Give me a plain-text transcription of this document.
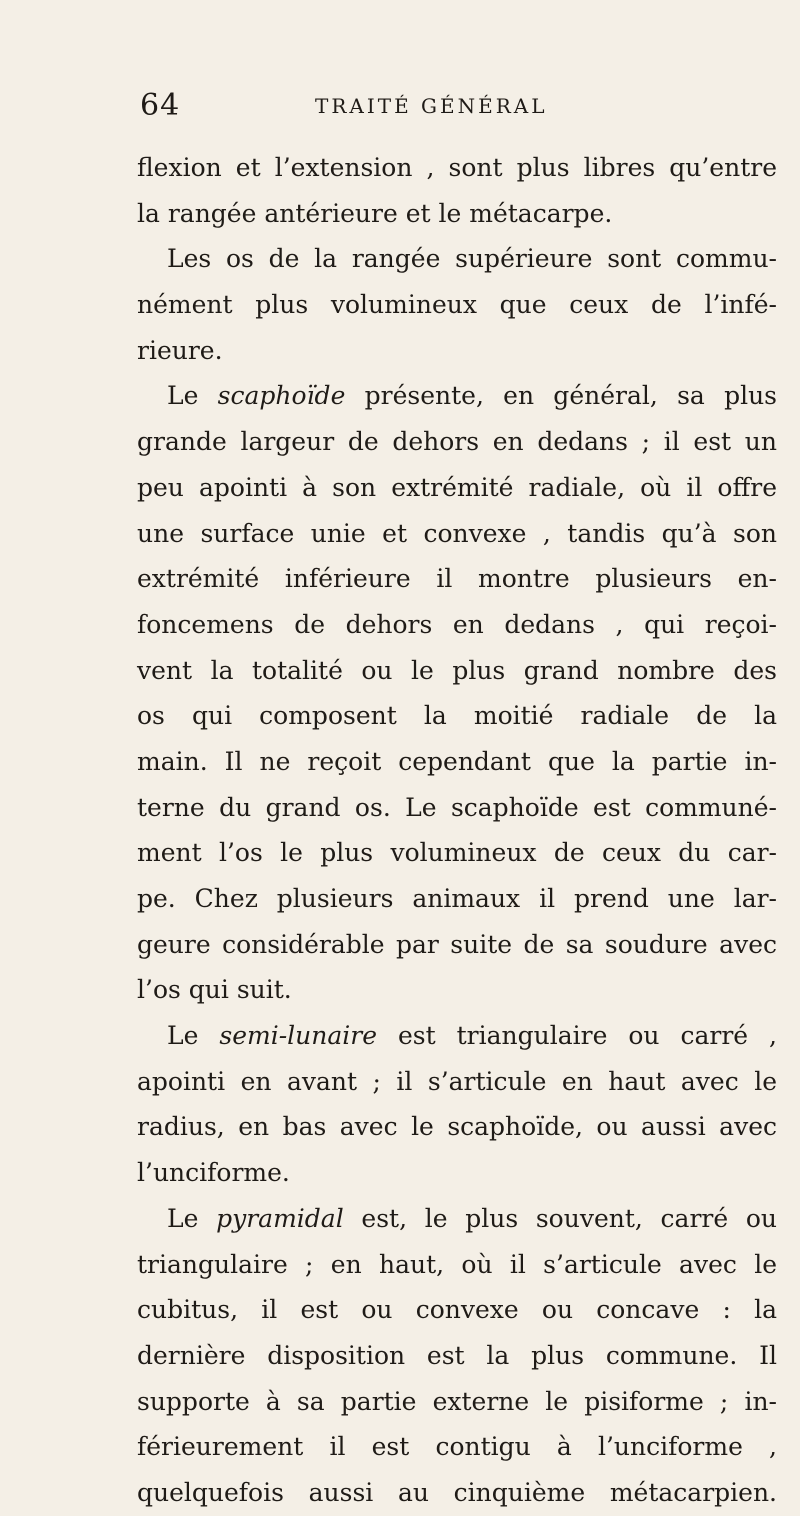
64	TRAITÉ GÉNÉRAL
flexion et l’extension , sont plus libres qu’entre
la rangée antérieure et le métacarpe.
Les os de la rangée supérieure sont commu-
nément plus volumineux que ceux de l’infé-
rieure.
Le scaphoïde présente, en général, sa plus
grande largeur de dehors en dedans ; il est un
peu apointi à son extrémité radiale, où il offre
une surface unie et convexe , tandis qu’à son
extrémité inférieure il montre plusieurs en-
foncemens de dehors en dedans , qui reçoi-
vent la totalité ou le plus grand nombre des
os qui composent la moitié radiale de la
main. Il ne reçoit cependant que la partie in-
terne du grand os. Le scaphoïde est communé-
ment l’os le plus volumineux de ceux du car-
pe. Chez plusieurs animaux il prend une lar-
geure considérable par suite de sa soudure avec
l’os qui suit.
Le semi-lunaire est triangulaire ou carré ,
apointi en avant ; il s’articule en haut avec le
radius, en bas avec le scaphoïde, ou aussi avec
l’unciforme.
Le pyramidal est, le plus souvent, carré ou
triangulaire ; en haut, où il s’articule avec le
cubitus, il est ou convexe ou concave : la
dernière disposition est la plus commune. Il
supporte à sa partie externe le pisiforme ; in-
férieurement il est contigu à l’unciforme ,
quelquefois aussi au cinquième métacarpien.
